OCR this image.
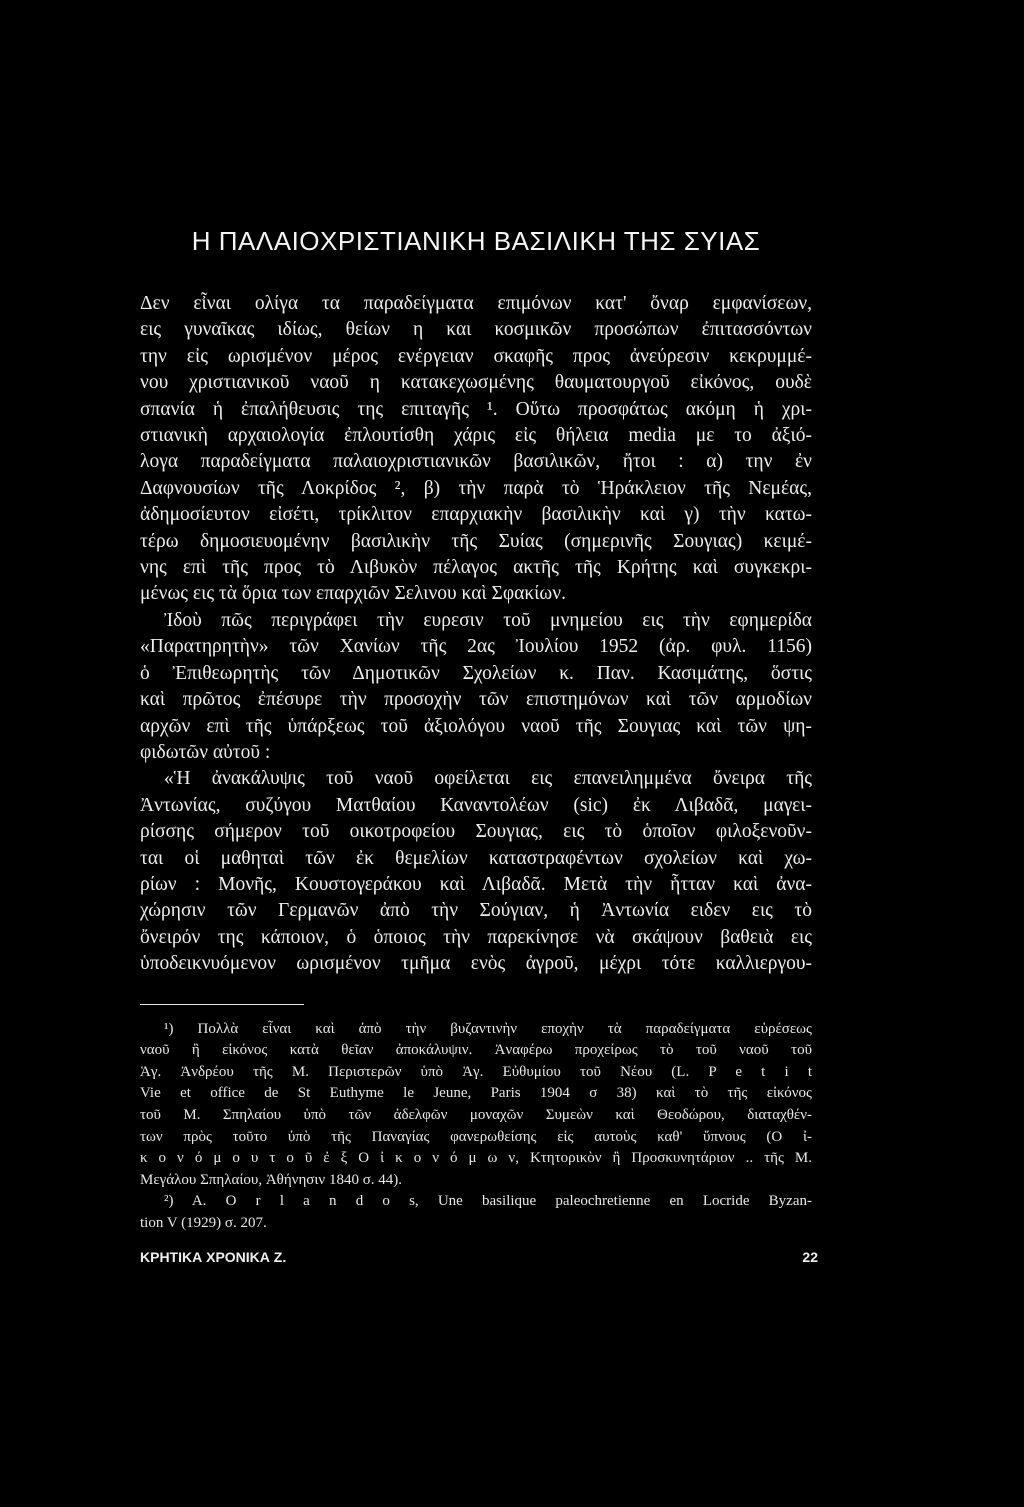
Η ΠΑΛΑΙΟΧΡΙΣΤΙΑΝΙΚΗ ΒΑΣΙΛΙΚΗ ΤΗΣ ΣΥΙΑΣ
Δεν εἶναι ολίγα τα παραδείγματα επιμόνων κατ' ὄναρ εμφανίσεων,
εις γυναῖκας ιδίως, θείων η και κοσμικῶν προσώπων ἐπιτασσόντων
την εἰς ωρισμένον μέρος ενέργειαν σκαφῆς προς ἀνεύρεσιν κεκρυμμέ-
νου χριστιανικοῦ ναοῦ η κατακεχωσμένης θαυματουργοῦ εἰκόνος, ουδὲ
σπανία ἡ ἐπαλήθευσις της επιταγῆς ¹. Οὕτω προσφάτως ακόμη ἡ χρι-
στιανικὴ αρχαιολογία ἐπλουτίσθη χάρις εἰς θήλεια media με το ἀξιό-
λογα παραδείγματα παλαιοχριστιανικῶν βασιλικῶν, ἤτοι : α) την ἐν
Δαφνουσίων τῆς Λοκρίδος ², β) τὴν παρὰ τὸ Ἡράκλειον τῆς Νεμέας,
ἀδημοσίευτον εἰσέτι, τρίκλιτον επαρχιακὴν βασιλικὴν καὶ γ) τὴν κατω-
τέρω δημοσιευομένην βασιλικὴν τῆς Συίας (σημερινῆς Σουγιας) κειμέ-
νης επὶ τῆς προς τὸ Λιβυκὸν πέλαγος ακτῆς τῆς Κρήτης καὶ συγκεκρι-
μένως εις τὰ ὅρια των επαρχιῶν Σελινου καὶ Σφακίων.
Ἰδοὺ πῶς περιγράφει τὴν ευρεσιν τοῦ μνημείου εις τὴν εφημερίδα
«Παρατηρητὴν» τῶν Χανίων τῆς 2ας Ἰουλίου 1952 (ἀρ. φυλ. 1156)
ὁ Ἐπιθεωρητὴς τῶν Δημοτικῶν Σχολείων κ. Παν. Κασιμάτης, ὅστις
καὶ πρῶτος ἐπέσυρε τὴν προσοχὴν τῶν επιστημόνων καὶ τῶν αρμοδίων
αρχῶν επὶ τῆς ὑπάρξεως τοῦ ἀξιολόγου ναοῦ τῆς Σουγιας καὶ τῶν ψη-
φιδωτῶν αὐτοῦ :
«Ἡ ἀνακάλυψις τοῦ ναοῦ οφείλεται εις επανειλημμένα ὄνειρα τῆς
Ἀντωνίας, συζύγου Ματθαίου Καναντολέων (sic) ἐκ Λιβαδᾶ, μαγει-
ρίσσης σήμερον τοῦ οικοτροφείου Σουγιας, εις τὸ ὁποῖον φιλοξενοῦν-
ται οἱ μαθηταὶ τῶν ἐκ θεμελίων καταστραφέντων σχολείων καὶ χω-
ρίων : Μονῆς, Κουστογεράκου καὶ Λιβαδᾶ. Μετὰ τὴν ἧτταν καὶ ἀνα-
χώρησιν τῶν Γερμανῶν ἀπὸ τὴν Σούγιαν, ἡ Ἀντωνία ειδεν εις τὸ
ὄνειρόν της κάποιον, ὁ ὁποιος τὴν παρεκίνησε νὰ σκάψουν βαθειὰ εις
ὑποδεικνυόμενον ωρισμένον τμῆμα ενὸς ἀγροῦ, μέχρι τότε καλλιεργου-
¹) Πολλὰ εἶναι καὶ ἀπὸ τὴν βυζαντινὴν εποχὴν τὰ παραδείγματα εὑρέσεως
ναοῦ ἢ εἰκόνος κατὰ θεῖαν ἀποκάλυψιν. Ἀναφέρω προχείρως τὸ τοῦ ναοῦ τοῦ
Ἁγ. Ἀνδρέου τῆς Μ. Περιστερῶν ὑπὸ Ἁγ. Εὐθυμίου τοῦ Νέου (L. P e t i t
Vie et office de St Euthyme le Jeune, Paris 1904 σ 38) καὶ τὸ τῆς εἰκόνος
τοῦ Μ. Σπηλαίου ὑπὸ τῶν ἀδελφῶν μοναχῶν Συμεὼν καὶ Θεοδώρου, διαταχθέν-
των πρὸς τοῦτο ὑπὸ τῆς Παναγίας φανερωθείσης εἰς αυτοὺς καθ' ὕπνους (Ο ἰ-
κ ο ν ό μ ο υ τ ο ῦ ἐ ξ Ο ἰ κ ο ν ό μ ω ν, Κτητορικὸν ἢ Προσκυνητάριον .. τῆς Μ.
Μεγάλου Σπηλαίου, Ἀθήνησιν 1840 σ. 44).
²) A. O r l a n d o s, Une basilique paleochretienne en Locride Byzan-
tion V (1929) σ. 207.
ΚΡΗΤΙΚΑ ΧΡΟΝΙΚΑ Ζ.	22
